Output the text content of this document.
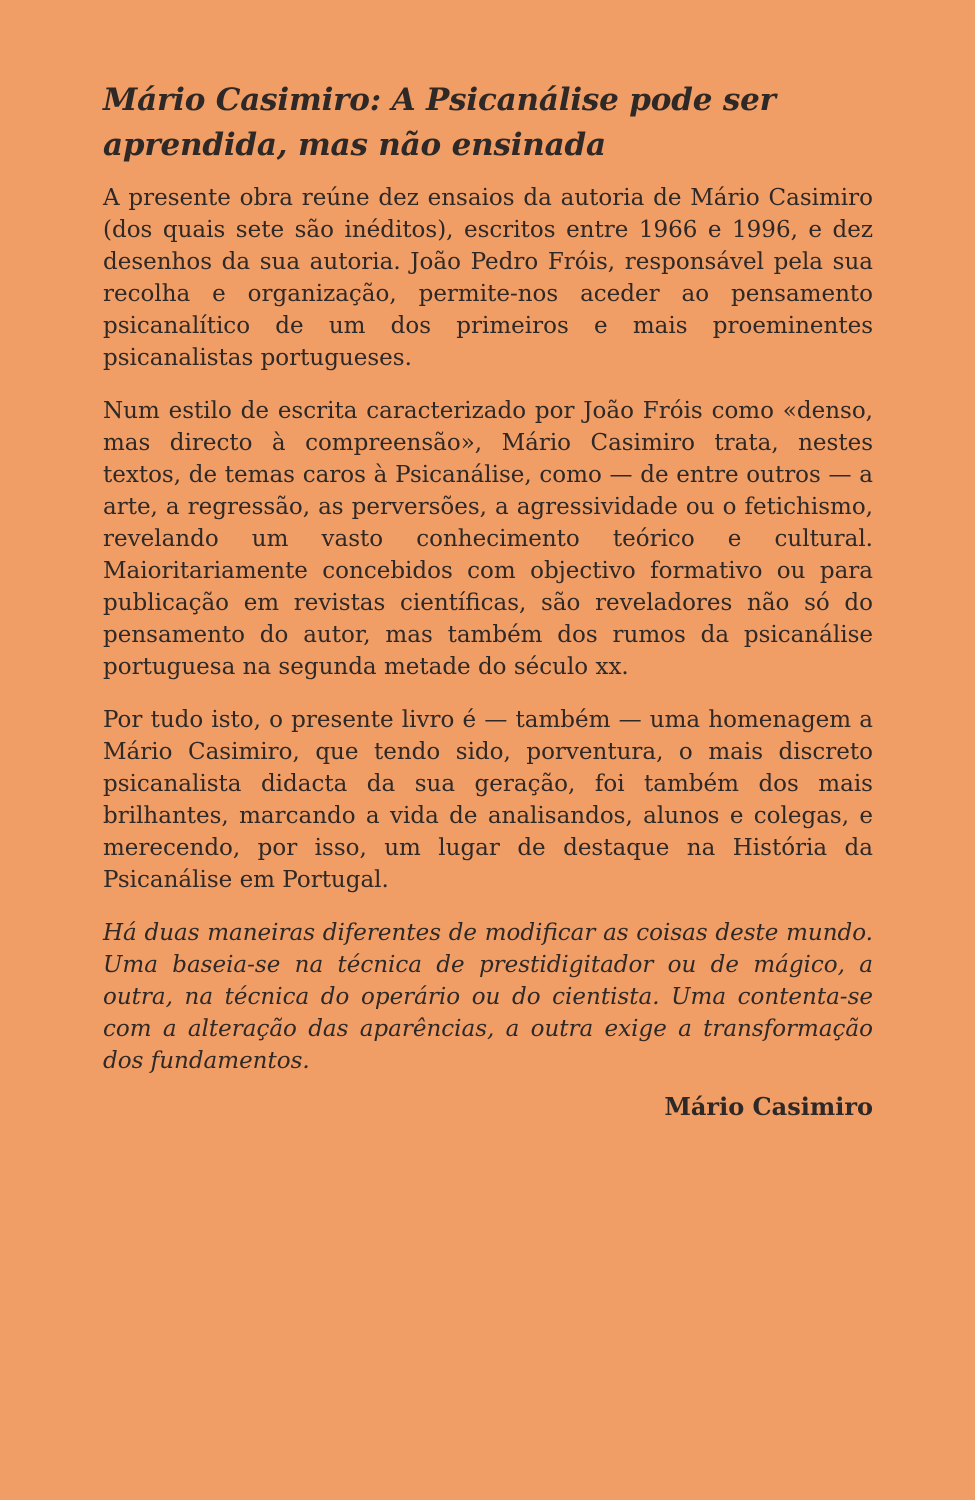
Mário Casimiro: A Psicanálise pode ser aprendida, mas não ensinada

A presente obra reúne dez ensaios da autoria de Mário Casimiro (dos quais sete são inéditos), escritos entre 1966 e 1996, e dez desenhos da sua autoria. João Pedro Fróis, responsável pela sua recolha e organização, permite-nos aceder ao pensamento psicanalítico de um dos primeiros e mais proeminentes psicanalistas portugueses.

Num estilo de escrita caracterizado por João Fróis como «denso, mas directo à compreensão», Mário Casimiro trata, nestes textos, de temas caros à Psicanálise, como — de entre outros — a arte, a regressão, as perversões, a agressividade ou o fetichismo, revelando um vasto conhecimento teórico e cultural. Maioritariamente concebidos com objectivo formativo ou para publicação em revistas científicas, são reveladores não só do pensamento do autor, mas também dos rumos da psicanálise portuguesa na segunda metade do século xx.

Por tudo isto, o presente livro é — também — uma homenagem a Mário Casimiro, que tendo sido, porventura, o mais discreto psicanalista didacta da sua geração, foi também dos mais brilhantes, marcando a vida de analisandos, alunos e colegas, e merecendo, por isso, um lugar de destaque na História da Psicanálise em Portugal.

Há duas maneiras diferentes de modificar as coisas deste mundo. Uma baseia-se na técnica de prestidigitador ou de mágico, a outra, na técnica do operário ou do cientista. Uma contenta-se com a alteração das aparências, a outra exige a transformação dos fundamentos.

Mário Casimiro
